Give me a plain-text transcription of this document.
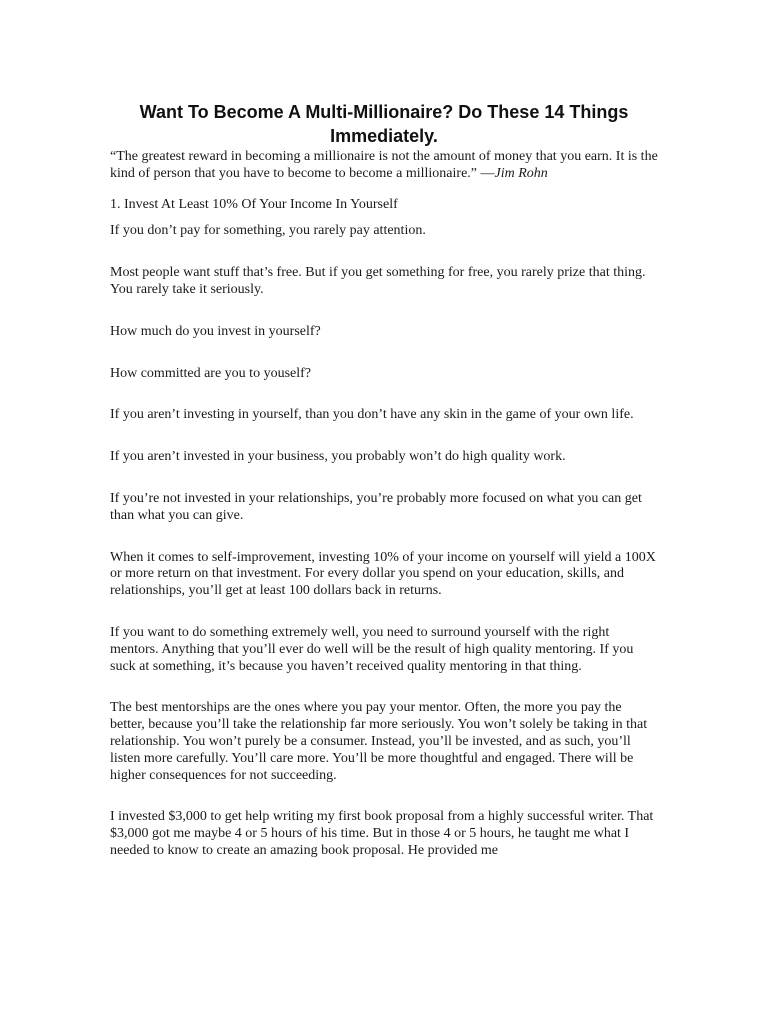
Want To Become A Multi-Millionaire? Do These 14 Things Immediately.

“The greatest reward in becoming a millionaire is not the amount of money that you earn. It is the kind of person that you have to become to become a millionaire.” —Jim Rohn

1. Invest At Least 10% Of Your Income In Yourself

If you don’t pay for something, you rarely pay attention.

Most people want stuff that’s free. But if you get something for free, you rarely prize that thing. You rarely take it seriously.

How much do you invest in yourself?

How committed are you to youself?

If you aren’t investing in yourself, than you don’t have any skin in the game of your own life.

If you aren’t invested in your business, you probably won’t do high quality work.

If you’re not invested in your relationships, you’re probably more focused on what you can get than what you can give.

When it comes to self-improvement, investing 10% of your income on yourself will yield a 100X or more return on that investment. For every dollar you spend on your education, skills, and relationships, you’ll get at least 100 dollars back in returns.

If you want to do something extremely well, you need to surround yourself with the right mentors. Anything that you’ll ever do well will be the result of high quality mentoring. If you suck at something, it’s because you haven’t received quality mentoring in that thing.

The best mentorships are the ones where you pay your mentor. Often, the more you pay the better, because you’ll take the relationship far more seriously. You won’t solely be taking in that relationship. You won’t purely be a consumer. Instead, you’ll be invested, and as such, you’ll listen more carefully. You’ll care more. You’ll be more thoughtful and engaged. There will be higher consequences for not succeeding.

I invested $3,000 to get help writing my first book proposal from a highly successful writer. That $3,000 got me maybe 4 or 5 hours of his time. But in those 4 or 5 hours, he taught me what I needed to know to create an amazing book proposal. He provided me
